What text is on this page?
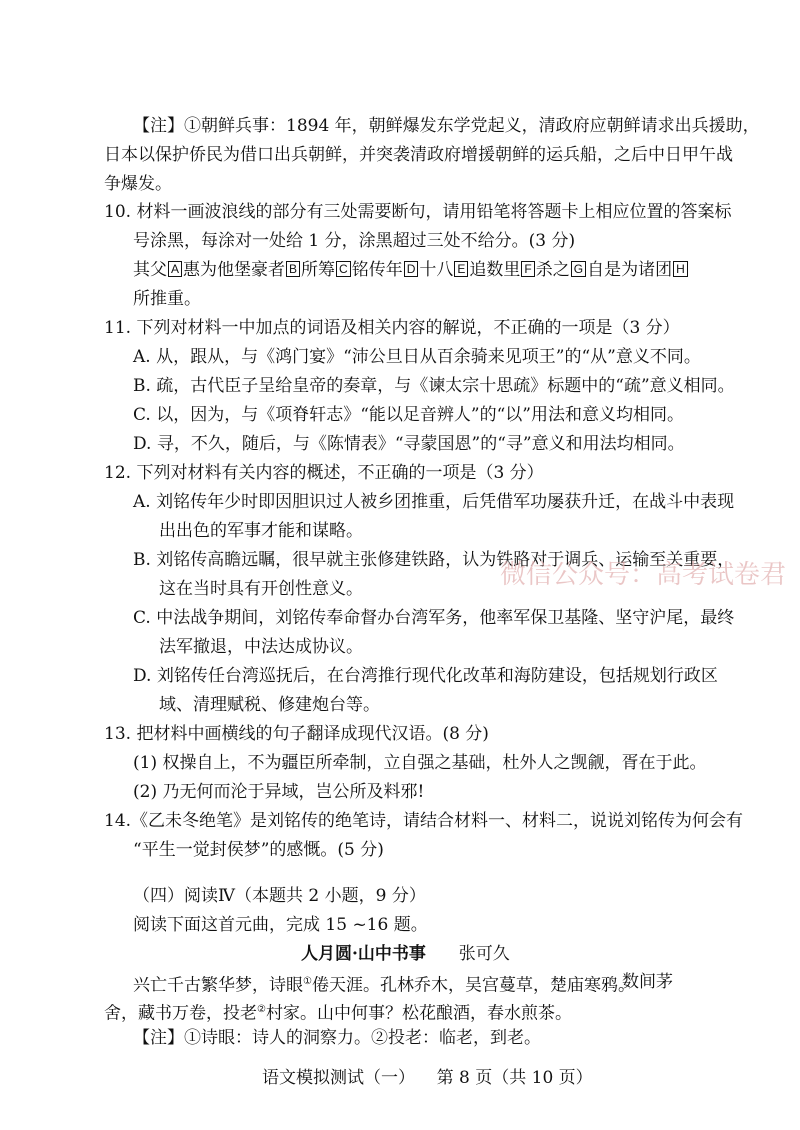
【注】①朝鲜兵事：1894 年，朝鲜爆发东学党起义，清政府应朝鲜请求出兵援助，
日本以保护侨民为借口出兵朝鲜，并突袭清政府增援朝鲜的运兵船，之后中日甲午战
争爆发。
10. 材料一画波浪线的部分有三处需要断句，请用铅笔将答题卡上相应位置的答案标
号涂黑，每涂对一处给 1 分，涂黑超过三处不给分。(3 分)
其父 A 惠为他堡豪者 B 所筹 C 铭传年 D 十八 E 追数里 F 杀之 G 自是为诸团 H
所推重。
11. 下列对材料一中加点的词语及相关内容的解说，不正确的一项是（3 分）
A. 从，跟从，与《鸿门宴》“沛公旦日从百余骑来见项王”的“从”意义不同。
B. 疏，古代臣子呈给皇帝的奏章，与《谏太宗十思疏》标题中的“疏”意义相同。
C. 以，因为，与《项脊轩志》“能以足音辨人”的“以”用法和意义均相同。
D. 寻，不久，随后，与《陈情表》“寻蒙国恩”的“寻”意义和用法均相同。
12. 下列对材料有关内容的概述，不正确的一项是（3 分）
A. 刘铭传年少时即因胆识过人被乡团推重，后凭借军功屡获升迁，在战斗中表现
出出色的军事才能和谋略。
B. 刘铭传高瞻远瞩，很早就主张修建铁路，认为铁路对于调兵、运输至关重要，
这在当时具有开创性意义。
C. 中法战争期间，刘铭传奉命督办台湾军务，他率军保卫基隆、坚守沪尾，最终
法军撤退，中法达成协议。
D. 刘铭传任台湾巡抚后，在台湾推行现代化改革和海防建设，包括规划行政区
域、清理赋税、修建炮台等。
微信公众号：高考试卷君
13. 把材料中画横线的句子翻译成现代汉语。(8 分)
(1) 权操自上，不为疆臣所牵制，立自强之基础，杜外人之觊觎，胥在于此。
(2) 乃无何而沦于异域，岂公所及料邪!
14.《乙未冬绝笔》是刘铭传的绝笔诗，请结合材料一、材料二，说说刘铭传为何会有
“平生一觉封侯梦”的感慨。(5 分)
（四）阅读Ⅳ（本题共 2 小题，9 分）
阅读下面这首元曲，完成 15 ~16 题。
人月圆·山中书事 张可久
兴亡千古繁华梦，诗眼①倦天涯。孔林乔木，吴宫蔓草，楚庙寒鸦。
数间茅
舍，藏书万卷，投老②村家。山中何事？松花酿酒，春水煎茶。
【注】①诗眼：诗人的洞察力。②投老：临老，到老。
语文模拟测试（一）    第 8 页（共 10 页）
